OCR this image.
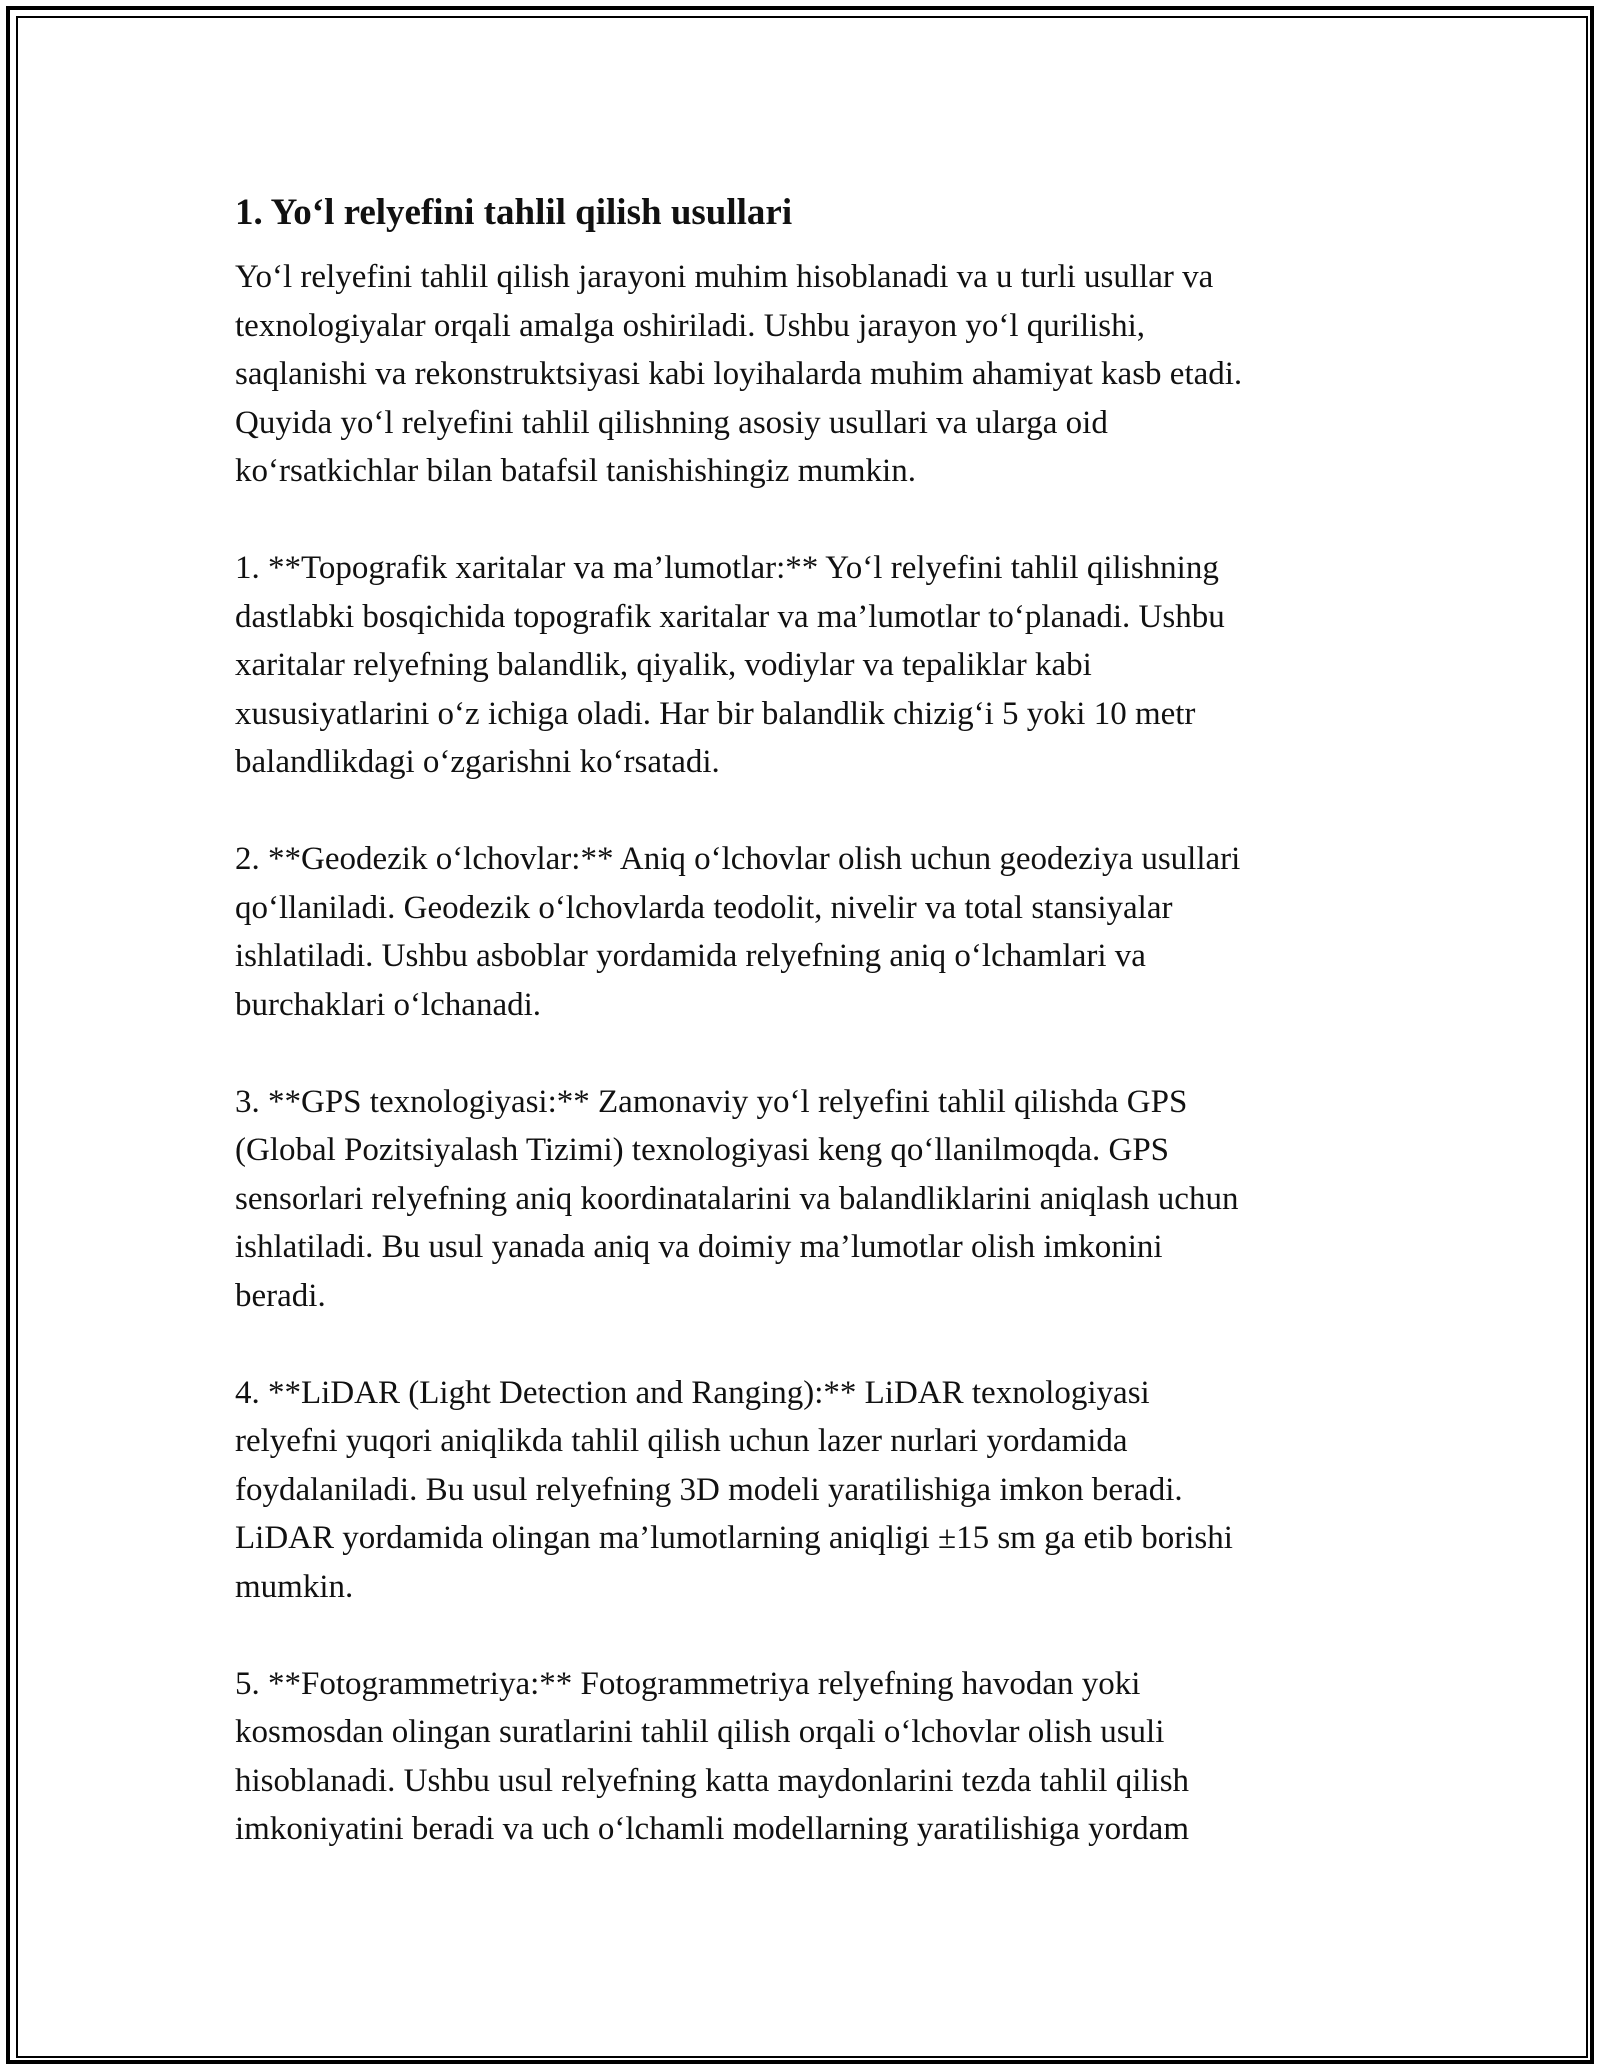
1. Yo‘l relyefini tahlil qilish usullari
Yo‘l relyefini tahlil qilish jarayoni muhim hisoblanadi va u turli usullar va
texnologiyalar orqali amalga oshiriladi. Ushbu jarayon yo‘l qurilishi,
saqlanishi va rekonstruktsiyasi kabi loyihalarda muhim ahamiyat kasb etadi.
Quyida yo‘l relyefini tahlil qilishning asosiy usullari va ularga oid
ko‘rsatkichlar bilan batafsil tanishishingiz mumkin.
1. **Topografik xaritalar va ma’lumotlar:** Yo‘l relyefini tahlil qilishning
dastlabki bosqichida topografik xaritalar va ma’lumotlar to‘planadi. Ushbu
xaritalar relyefning balandlik, qiyalik, vodiylar va tepaliklar kabi
xususiyatlarini o‘z ichiga oladi. Har bir balandlik chizig‘i 5 yoki 10 metr
balandlikdagi o‘zgarishni ko‘rsatadi.
2. **Geodezik o‘lchovlar:** Aniq o‘lchovlar olish uchun geodeziya usullari
qo‘llaniladi. Geodezik o‘lchovlarda teodolit, nivelir va total stansiyalar
ishlatiladi. Ushbu asboblar yordamida relyefning aniq o‘lchamlari va
burchaklari o‘lchanadi.
3. **GPS texnologiyasi:** Zamonaviy yo‘l relyefini tahlil qilishda GPS
(Global Pozitsiyalash Tizimi) texnologiyasi keng qo‘llanilmoqda. GPS
sensorlari relyefning aniq koordinatalarini va balandliklarini aniqlash uchun
ishlatiladi. Bu usul yanada aniq va doimiy ma’lumotlar olish imkonini
beradi.
4. **LiDAR (Light Detection and Ranging):** LiDAR texnologiyasi
relyefni yuqori aniqlikda tahlil qilish uchun lazer nurlari yordamida
foydalaniladi. Bu usul relyefning 3D modeli yaratilishiga imkon beradi.
LiDAR yordamida olingan ma’lumotlarning aniqligi ±15 sm ga etib borishi
mumkin.
5. **Fotogrammetriya:** Fotogrammetriya relyefning havodan yoki
kosmosdan olingan suratlarini tahlil qilish orqali o‘lchovlar olish usuli
hisoblanadi. Ushbu usul relyefning katta maydonlarini tezda tahlil qilish
imkoniyatini beradi va uch o‘lchamli modellarning yaratilishiga yordam
